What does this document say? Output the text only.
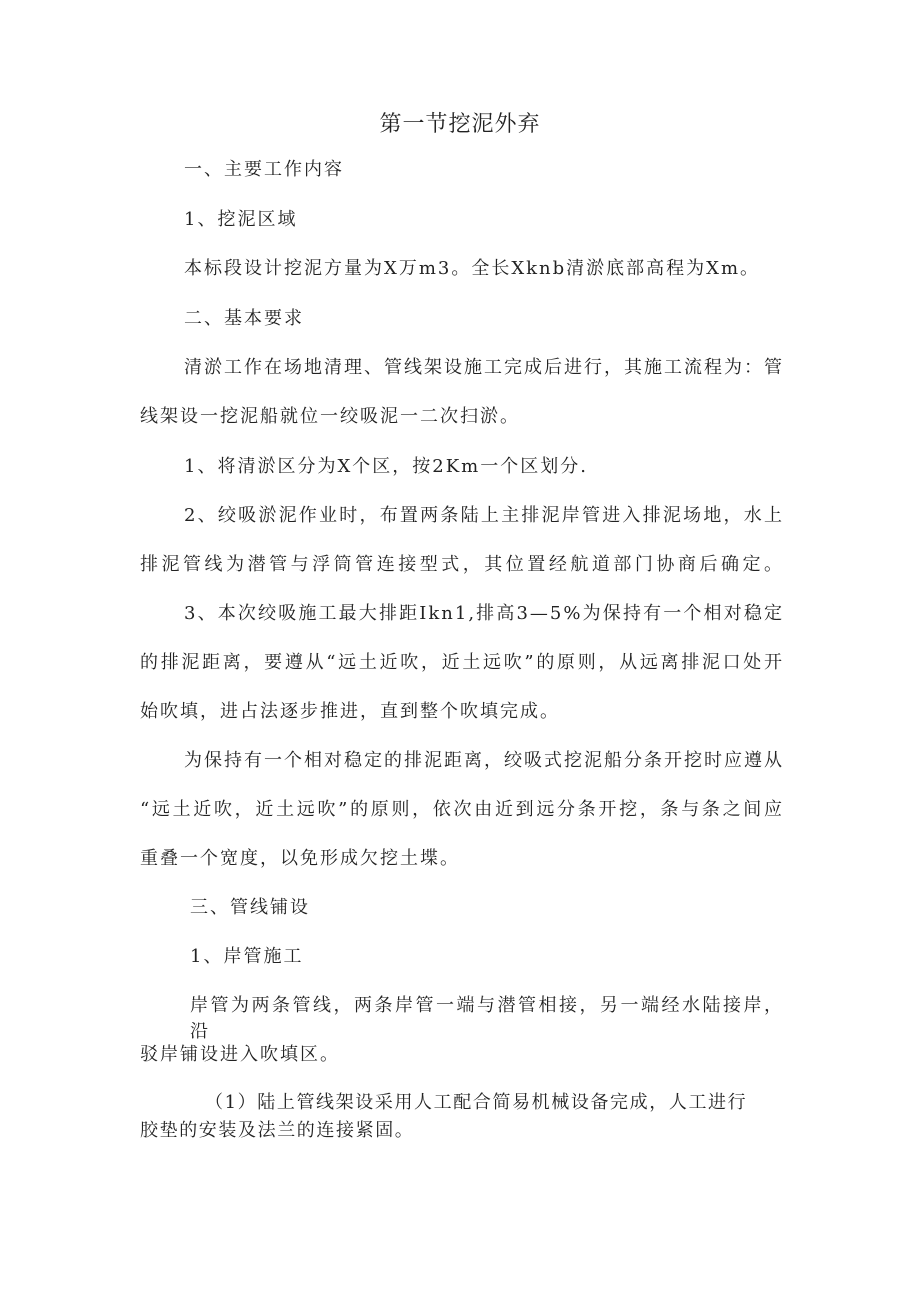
第一节挖泥外弃

一、主要工作内容

1、挖泥区域

本标段设计挖泥方量为X万m3。全长Xknb清淤底部高程为Xm。

二、基本要求

清淤工作在场地清理、管线架设施工完成后进行，其施工流程为：管

线架设一挖泥船就位一绞吸泥一二次扫淤。

1、将清淤区分为X个区，按2Km一个区划分.

2、绞吸淤泥作业时，布置两条陆上主排泥岸管进入排泥场地，水上

排泥管线为潜管与浮筒管连接型式，其位置经航道部门协商后确定。

3、本次绞吸施工最大排距Ikn1,排高3—5%为保持有一个相对稳定

的排泥距离，要遵从“远土近吹，近土远吹”的原则，从远离排泥口处开

始吹填，进占法逐步推进，直到整个吹填完成。

为保持有一个相对稳定的排泥距离，绞吸式挖泥船分条开挖时应遵从

“远土近吹，近土远吹”的原则，依次由近到远分条开挖，条与条之间应

重叠一个宽度，以免形成欠挖土堞。

三、管线铺设

1、岸管施工

岸管为两条管线，两条岸管一端与潜管相接，另一端经水陆接岸，沿

驳岸铺设进入吹填区。

（1）陆上管线架设采用人工配合简易机械设备完成，人工进行

胶垫的安装及法兰的连接紧固。
